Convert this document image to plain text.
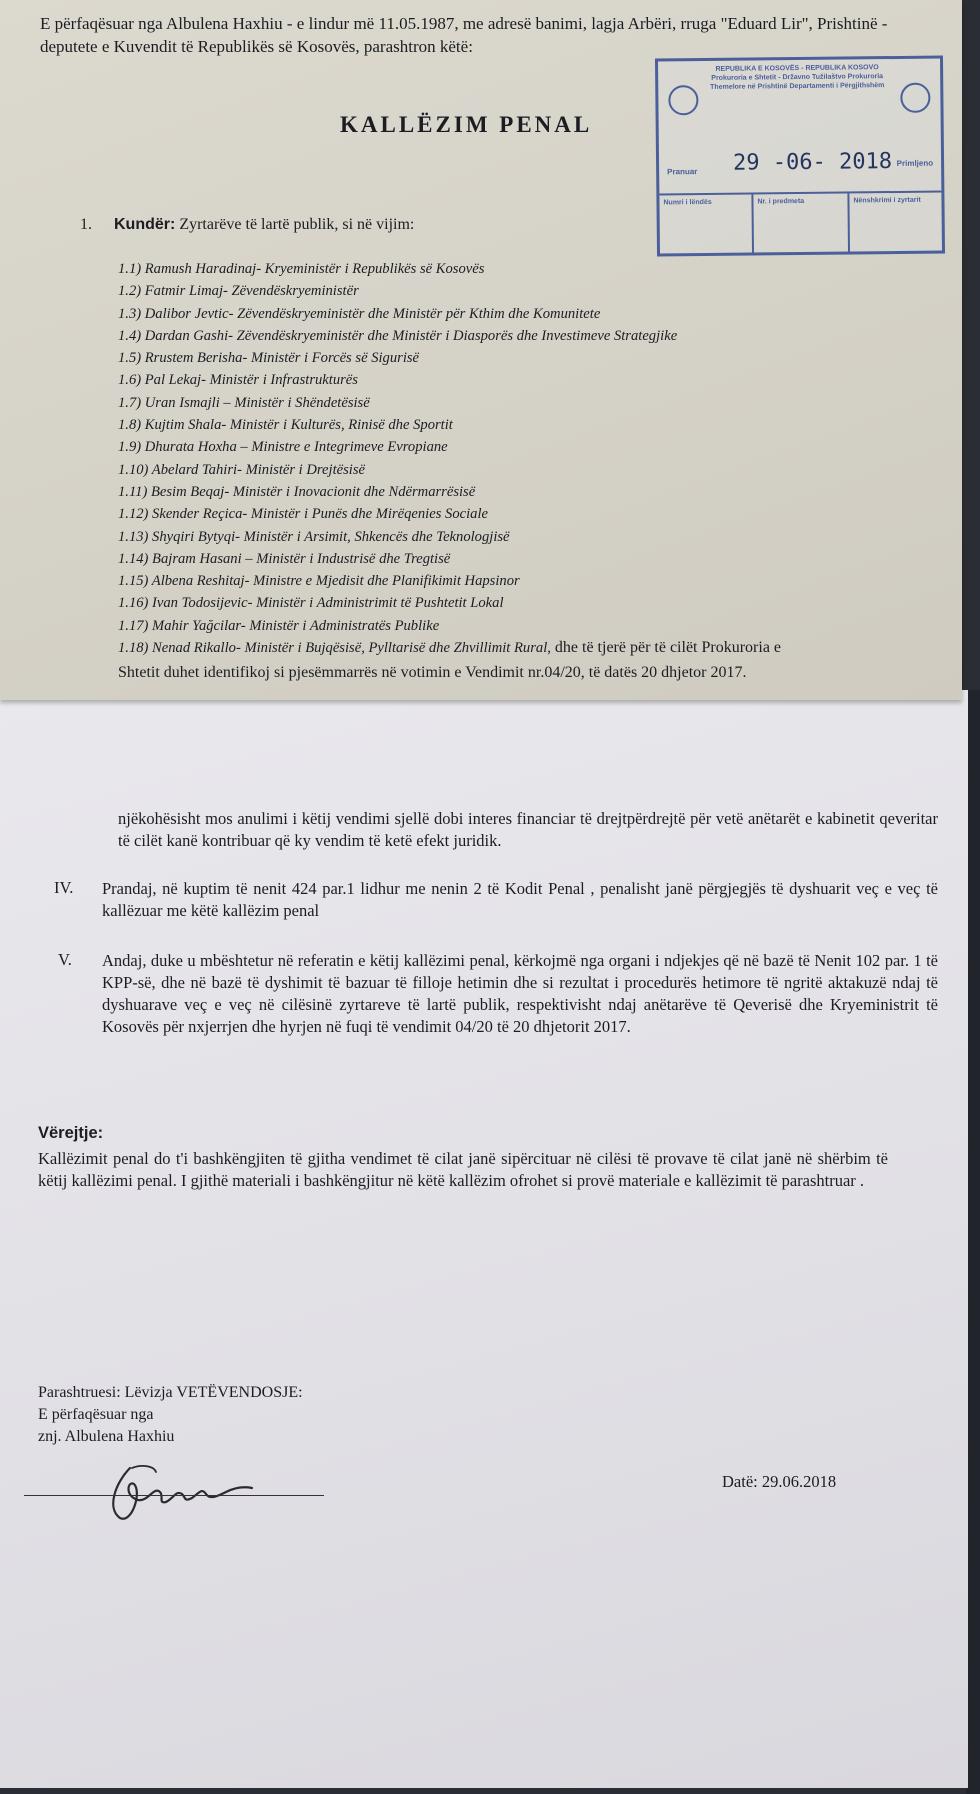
E përfaqësuar nga Albulena Haxhiu - e lindur më 11.05.1987, me adresë banimi, lagja Arbëri, rruga "Eduard Lir", Prishtinë - deputete e Kuvendit të Republikës së Kosovës, parashtron këtë:
KALLËZIM PENAL
REPUBLIKA E KOSOVËS - REPUBLIKA KOSOVO Prokuroria e Shtetit - Državno Tužilaštvo Prokuroria Themelore në Prishtinë Departamenti i Përgjithshëm
Pranuar 29 -06- 2018 Primljeno
Numri i lëndës	Nr. i predmeta	Nënshkrimi i zyrtarit
1. Kundër: Zyrtarëve të lartë publik, si në vijim:
1.1) Ramush Haradinaj- Kryeministër i Republikës së Kosovës
1.2) Fatmir Limaj- Zëvendëskryeministër
1.3) Dalibor Jevtic- Zëvendëskryeministër dhe Ministër për Kthim dhe Komunitete
1.4) Dardan Gashi- Zëvendëskryeministër dhe Ministër i Diasporës dhe Investimeve Strategjike
1.5) Rrustem Berisha- Ministër i Forcës së Sigurisë
1.6) Pal Lekaj- Ministër i Infrastrukturës
1.7) Uran Ismajli – Ministër i Shëndetësisë
1.8) Kujtim Shala- Ministër i Kulturës, Rinisë dhe Sportit
1.9) Dhurata Hoxha – Ministre e Integrimeve Evropiane
1.10) Abelard Tahiri- Ministër i Drejtësisë
1.11) Besim Beqaj- Ministër i Inovacionit dhe Ndërmarrësisë
1.12) Skender Reçica- Ministër i Punës dhe Mirëqenies Sociale
1.13) Shyqiri Bytyqi- Ministër i Arsimit, Shkencës dhe Teknologjisë
1.14) Bajram Hasani – Ministër i Industrisë dhe Tregtisë
1.15) Albena Reshitaj- Ministre e Mjedisit dhe Planifikimit Hapsinor
1.16) Ivan Todosijevic- Ministër i Administrimit të Pushtetit Lokal
1.17) Mahir Yağcilar- Ministër i Administratës Publike
1.18) Nenad Rikallo- Ministër i Bujqësisë, Pylltarisë dhe Zhvillimit Rural, dhe të tjerë për të cilët Prokuroria e
Shtetit duhet identifikoj si pjesëmmarrës në votimin e Vendimit nr.04/20, të datës 20 dhjetor 2017.
njëkohësisht mos anulimi i këtij vendimi sjellë dobi interes financiar të drejtpërdrejtë për vetë anëtarët e kabinetit qeveritar të cilët kanë kontribuar që ky vendim të ketë efekt juridik.
IV. Prandaj, në kuptim të nenit 424 par.1 lidhur me nenin 2 të Kodit Penal , penalisht janë përgjegjës të dyshuarit veç e veç të kallëzuar me këtë kallëzim penal
V. Andaj, duke u mbështetur në referatin e këtij kallëzimi penal, kërkojmë nga organi i ndjekjes që në bazë të Nenit 102 par. 1 të KPP-së, dhe në bazë të dyshimit të bazuar të filloje hetimin dhe si rezultat i procedurës hetimore të ngritë aktakuzë ndaj të dyshuarave veç e veç në cilësinë zyrtareve të lartë publik, respektivisht ndaj anëtarëve të Qeverisë dhe Kryeministrit të Kosovës për nxjerrjen dhe hyrjen në fuqi të vendimit 04/20 të 20 dhjetorit 2017.
Vërejtje:
Kallëzimit penal do t'i bashkëngjiten të gjitha vendimet të cilat janë sipërcituar në cilësi të provave të cilat janë në shërbim të këtij kallëzimi penal. I gjithë materiali i bashkëngjitur në këtë kallëzim ofrohet si provë materiale e kallëzimit të parashtruar .
Parashtruesi: Lëvizja VETËVENDOSJE:
E përfaqësuar nga
znj. Albulena Haxhiu
Datë: 29.06.2018
